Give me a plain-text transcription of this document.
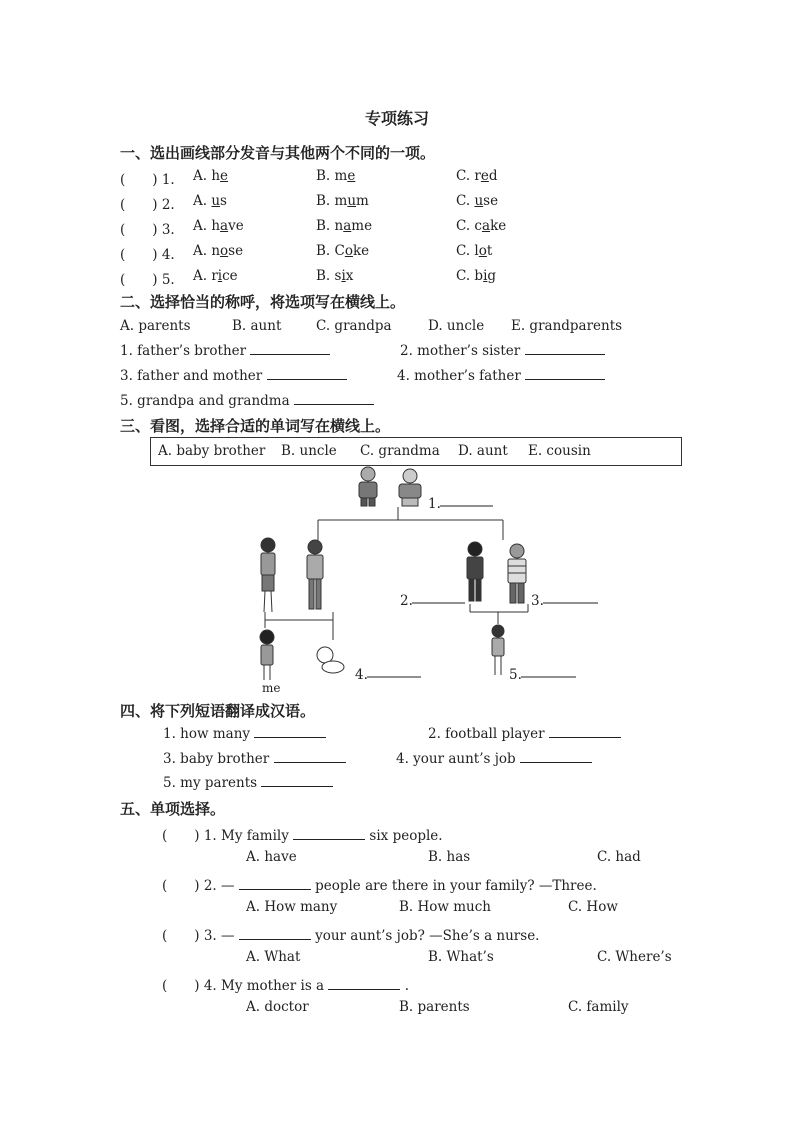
专项练习
一、选出画线部分发音与其他两个不同的一项。
(　　) 1. A. he	B. me	C. red
(　　) 2. A. us	B. mum	C. use
(　　) 3. A. have	B. name	C. cake
(　　) 4. A. nose	B. Coke	C. lot
(　　) 5. A. rice	B. six	C. big
二、选择恰当的称呼，将选项写在横线上。
A. parents	B. aunt	C. grandpa	D. uncle E. grandparents
1. father’s brother	2. mother’s sister
3. father and mother	4. mother’s father
5. grandpa and grandma
三、看图，选择合适的单词写在横线上。
A. baby brother B. uncle C. grandma D. aunt E. cousin
1.
2.	3.
4.	5.
me
四、将下列短语翻译成汉语。
1. how many	2. football player
3. baby brother	4. your aunt’s job
5. my parents
五、单项选择。
(　　) 1. My family	six people.
A. have	B. has	C. had
(　　) 2. —	people are there in your family? —Three.
A. How many	B. How much	C. How
(　　) 3. —	your aunt’s job? —She’s a nurse.
A. What	B. What’s	C. Where’s
(　　) 4. My mother is a	.
A. doctor	B. parents	C. family
